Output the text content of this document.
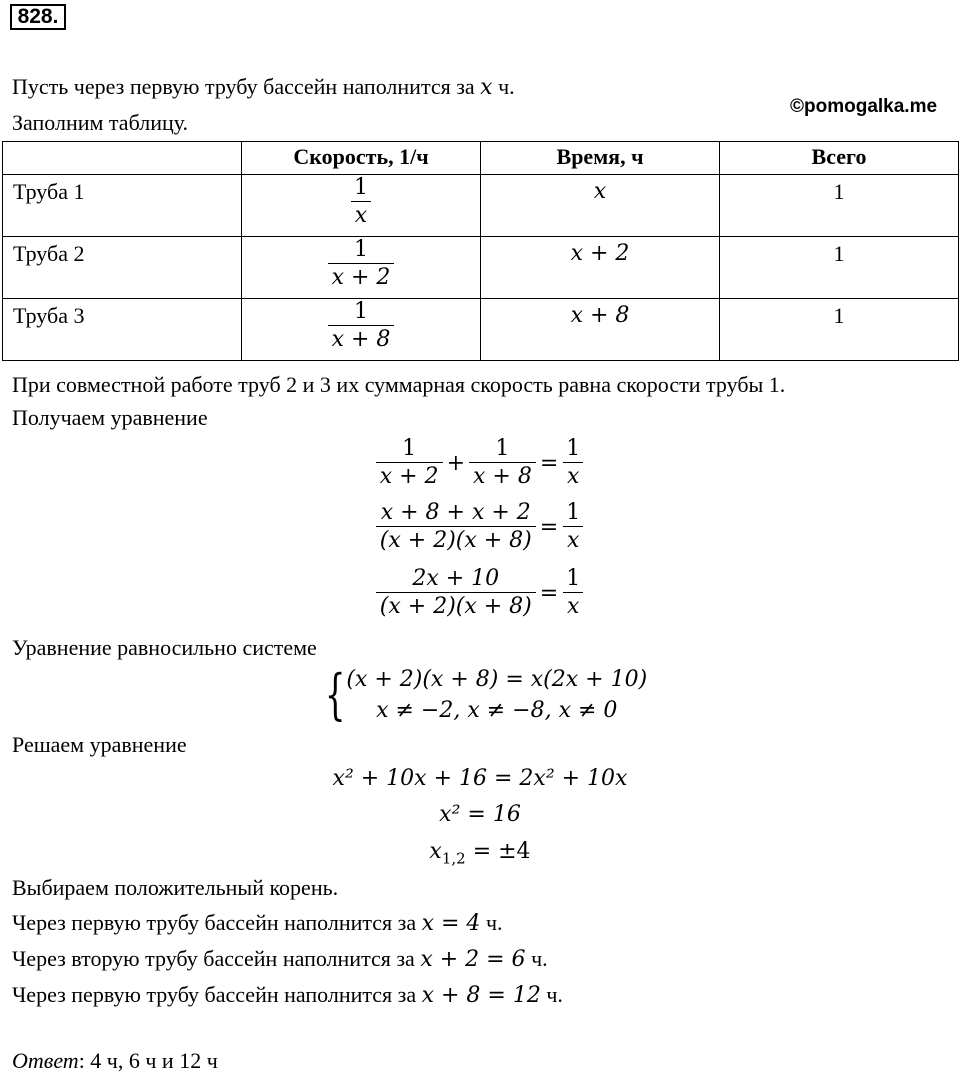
828.
Пусть через первую трубу бассейн наполнится за x ч.
©pomogalka.me
Заполним таблицу.
	Скорость, 1/ч	Время, ч	Всего
Труба 1	$\frac{1}{x}$	x	1
Труба 2	$\frac{1}{x + 2}$	x + 2	1
Труба 3	$\frac{1}{x + 8}$	x + 8	1
При совместной работе труб 2 и 3 их суммарная скорость равна скорости трубы 1.
Получаем уравнение
$\frac{1}{x + 2} + \frac{1}{x + 8} = \frac{1}{x}$
$\frac{x + 8 + x + 2}{(x + 2)(x + 8)} = \frac{1}{x}$
$\frac{2x + 10}{(x + 2)(x + 8)} = \frac{1}{x}$
Уравнение равносильно системе
{ (x + 2)(x + 8) = x(2x + 10)
x ≠ −2, x ≠ −8, x ≠ 0
Решаем уравнение
x² + 10x + 16 = 2x² + 10x
x² = 16
$x_{1,2} = \pm 4$
Выбираем положительный корень.
Через первую трубу бассейн наполнится за x = 4 ч.
Через вторую трубу бассейн наполнится за x + 2 = 6 ч.
Через первую трубу бассейн наполнится за x + 8 = 12 ч.
Ответ: 4 ч, 6 ч и 12 ч
